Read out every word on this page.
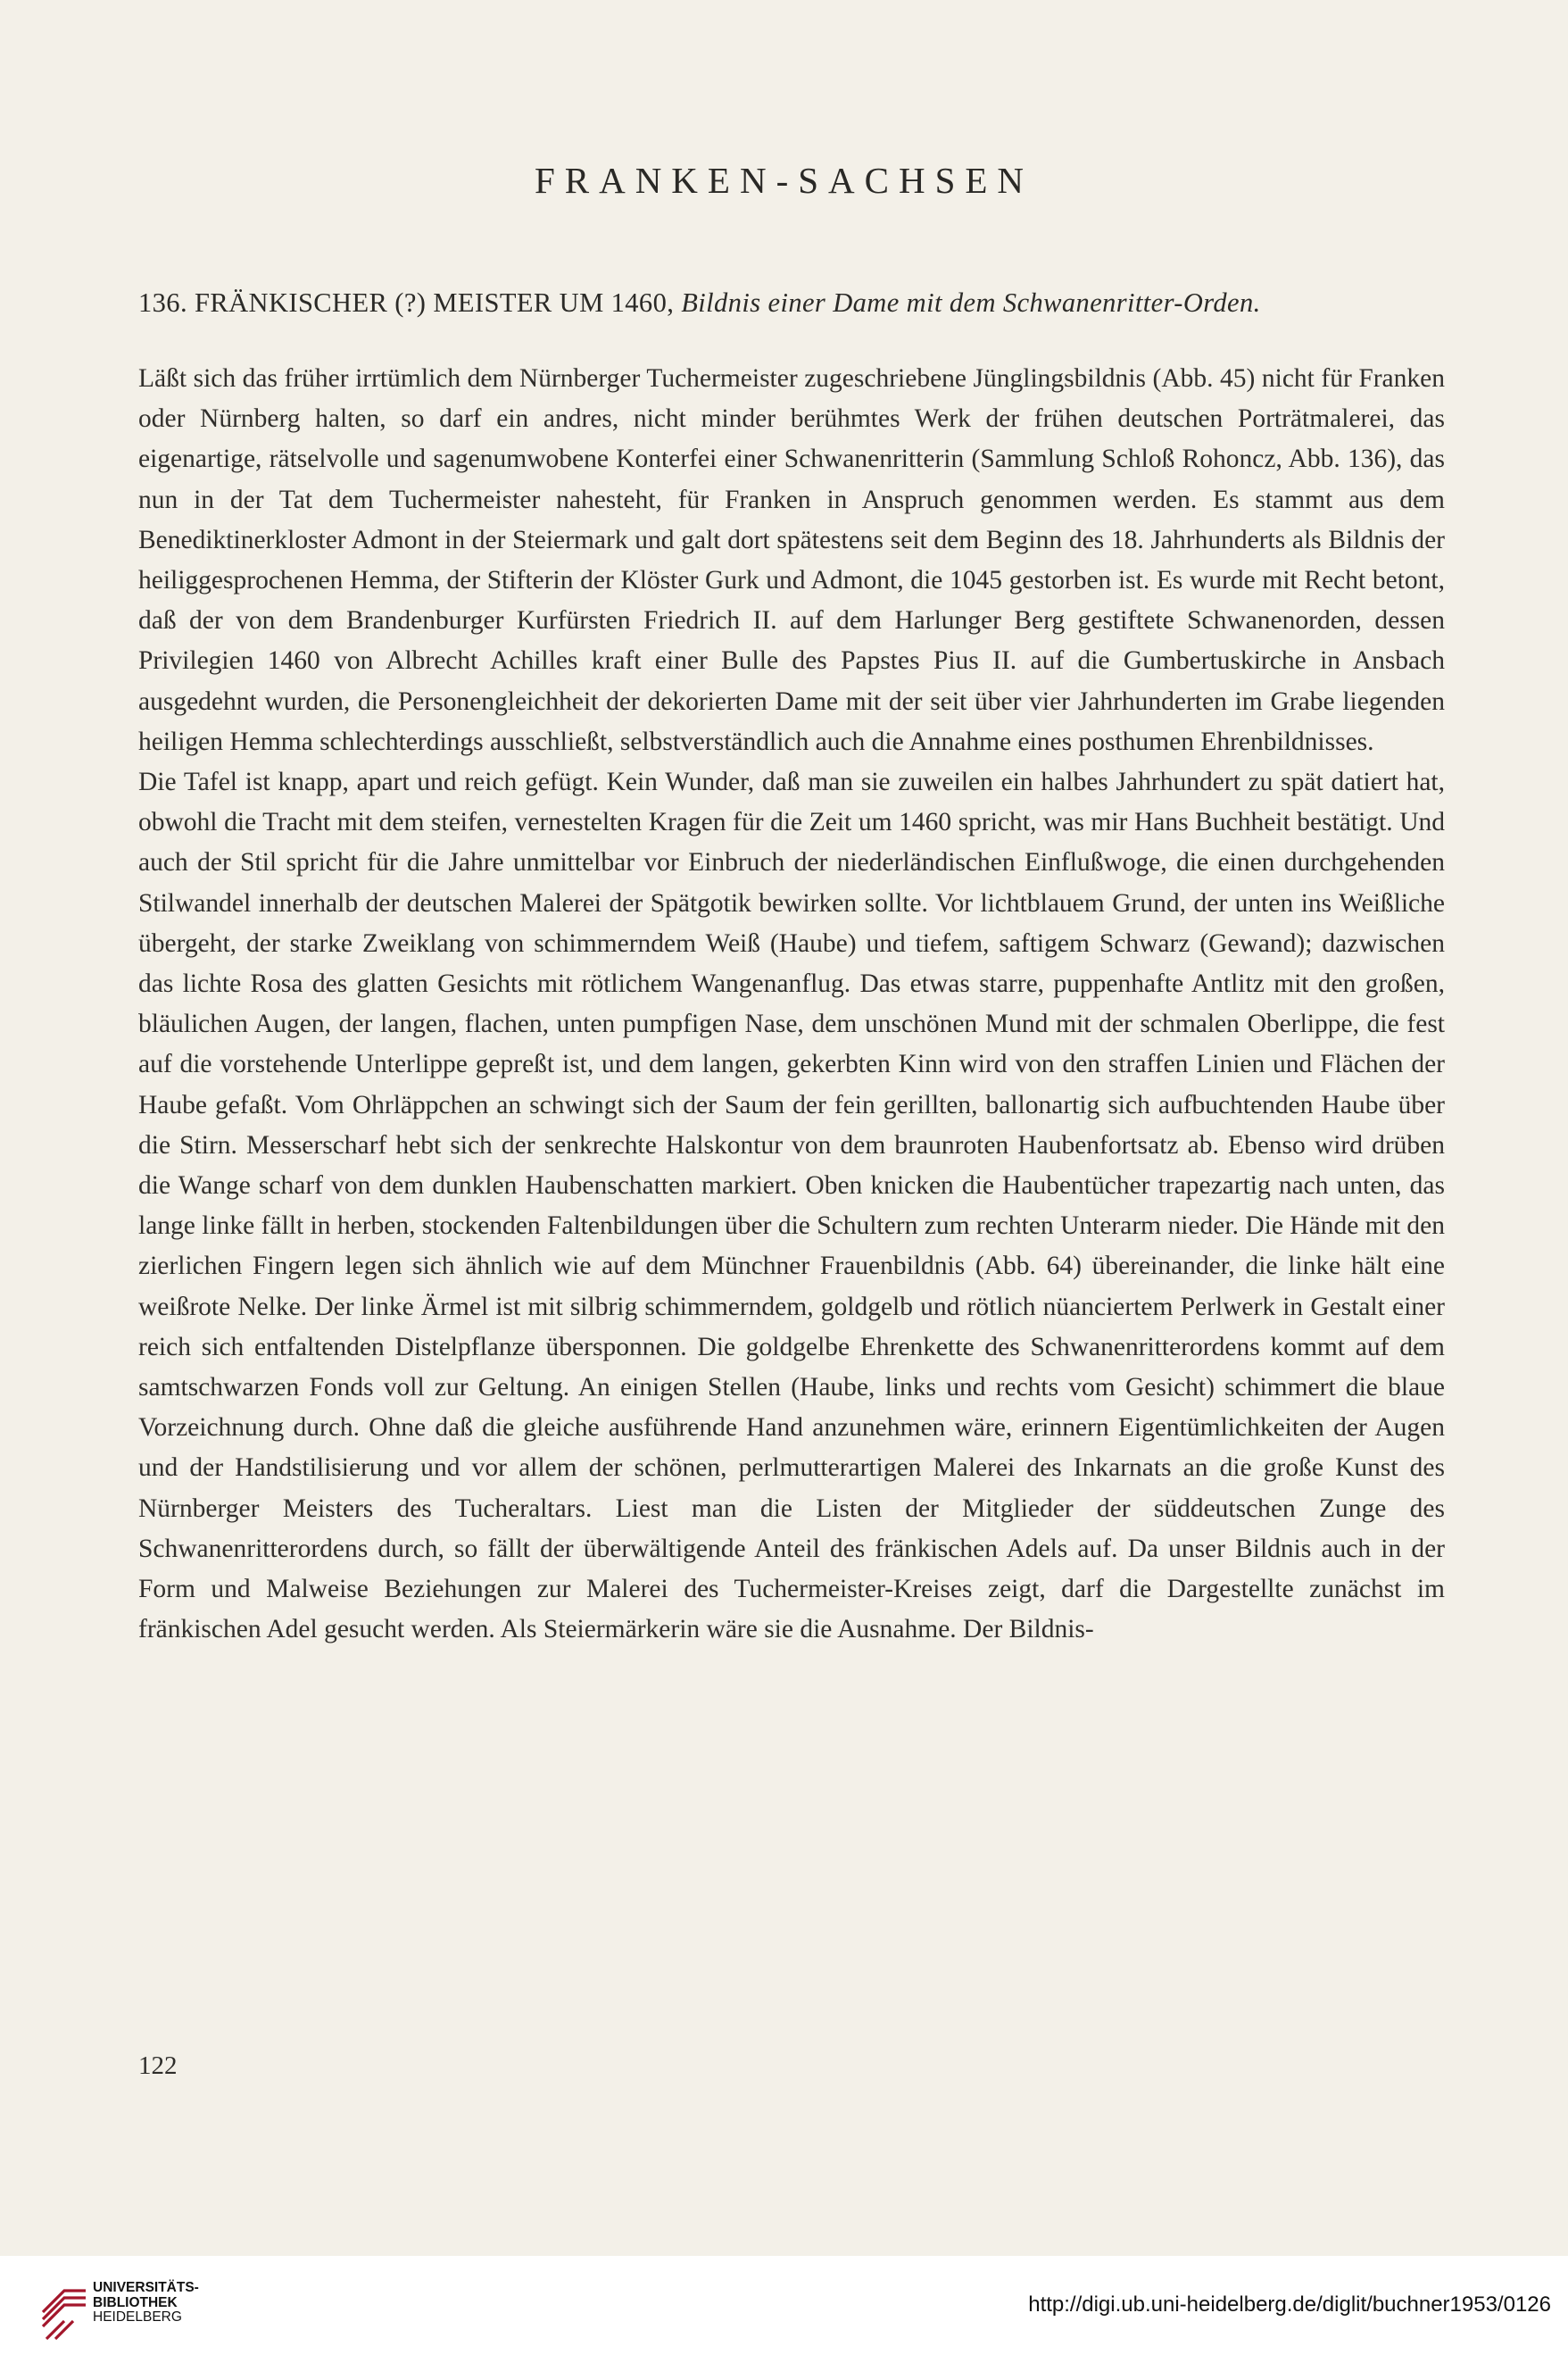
FRANKEN-SACHSEN
136. FRÄNKISCHER (?) MEISTER UM 1460, Bildnis einer Dame mit dem Schwanenritter-Orden.

Läßt sich das früher irrtümlich dem Nürnberger Tuchermeister zugeschriebene Jünglingsbildnis (Abb. 45) nicht für Franken oder Nürnberg halten, so darf ein andres, nicht minder berühmtes Werk der frühen deutschen Porträtmalerei, das eigenartige, rätselvolle und sagenumwobene Konterfei einer Schwanenritterin (Sammlung Schloß Rohoncz, Abb. 136), das nun in der Tat dem Tuchermeister nahesteht, für Franken in Anspruch genommen werden. Es stammt aus dem Benediktinerkloster Admont in der Steiermark und galt dort spätestens seit dem Beginn des 18. Jahrhunderts als Bildnis der heiliggesprochenen Hemma, der Stifterin der Klöster Gurk und Admont, die 1045 gestorben ist. Es wurde mit Recht betont, daß der von dem Brandenburger Kurfürsten Friedrich II. auf dem Harlunger Berg gestiftete Schwanenorden, dessen Privilegien 1460 von Albrecht Achilles kraft einer Bulle des Papstes Pius II. auf die Gumbertuskirche in Ansbach ausgedehnt wurden, die Personengleichheit der dekorierten Dame mit der seit über vier Jahrhunderten im Grabe liegenden heiligen Hemma schlechterdings ausschließt, selbstverständlich auch die Annahme eines posthumen Ehrenbildnisses.

Die Tafel ist knapp, apart und reich gefügt. Kein Wunder, daß man sie zuweilen ein halbes Jahrhundert zu spät datiert hat, obwohl die Tracht mit dem steifen, vernestelten Kragen für die Zeit um 1460 spricht, was mir Hans Buchheit bestätigt. Und auch der Stil spricht für die Jahre unmittelbar vor Einbruch der niederländischen Einflußwoge, die einen durchgehenden Stilwandel innerhalb der deutschen Malerei der Spätgotik bewirken sollte. Vor lichtblauem Grund, der unten ins Weißliche übergeht, der starke Zweiklang von schimmerndem Weiß (Haube) und tiefem, saftigem Schwarz (Gewand); dazwischen das lichte Rosa des glatten Gesichts mit rötlichem Wangenanflug. Das etwas starre, puppenhafte Antlitz mit den großen, bläulichen Augen, der langen, flachen, unten pumpfigen Nase, dem unschönen Mund mit der schmalen Oberlippe, die fest auf die vorstehende Unterlippe gepreßt ist, und dem langen, gekerbten Kinn wird von den straffen Linien und Flächen der Haube gefaßt. Vom Ohrläppchen an schwingt sich der Saum der fein gerillten, ballonartig sich aufbuchtenden Haube über die Stirn. Messerscharf hebt sich der senkrechte Halskontur von dem braunroten Haubenfortsatz ab. Ebenso wird drüben die Wange scharf von dem dunklen Haubenschatten markiert. Oben knicken die Haubentücher trapezartig nach unten, das lange linke fällt in herben, stockenden Faltenbildungen über die Schultern zum rechten Unterarm nieder. Die Hände mit den zierlichen Fingern legen sich ähnlich wie auf dem Münchner Frauenbildnis (Abb. 64) übereinander, die linke hält eine weißrote Nelke. Der linke Ärmel ist mit silbrig schimmerndem, goldgelb und rötlich nüanciertem Perlwerk in Gestalt einer reich sich entfaltenden Distelpflanze übersponnen. Die goldgelbe Ehrenkette des Schwanenritterordens kommt auf dem samtschwarzen Fonds voll zur Geltung. An einigen Stellen (Haube, links und rechts vom Gesicht) schimmert die blaue Vorzeichnung durch. Ohne daß die gleiche ausführende Hand anzunehmen wäre, erinnern Eigentümlichkeiten der Augen und der Handstilisierung und vor allem der schönen, perlmutterartigen Malerei des Inkarnats an die große Kunst des Nürnberger Meisters des Tucheraltars. Liest man die Listen der Mitglieder der süddeutschen Zunge des Schwanenritterordens durch, so fällt der überwältigende Anteil des fränkischen Adels auf. Da unser Bildnis auch in der Form und Malweise Beziehungen zur Malerei des Tuchermeister-Kreises zeigt, darf die Dargestellte zunächst im fränkischen Adel gesucht werden. Als Steiermärkerin wäre sie die Ausnahme. Der Bildnis-

122
UNIVERSITÄTS-
BIBLIOTHEK
HEIDELBERG
http://digi.ub.uni-heidelberg.de/diglit/buchner1953/0126
